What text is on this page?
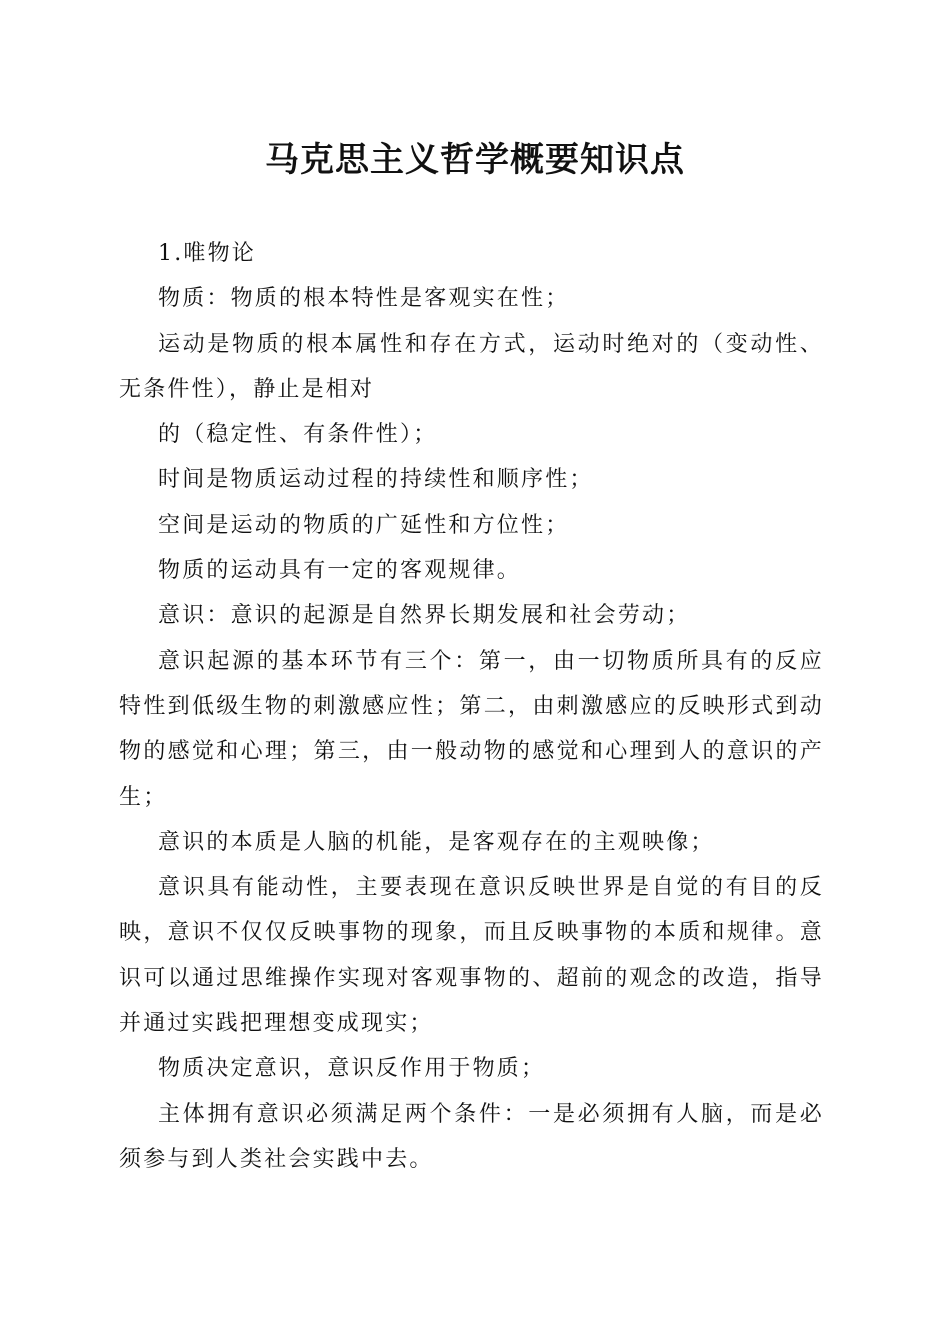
马克思主义哲学概要知识点

1.唯物论

物质：物质的根本特性是客观实在性；

运动是物质的根本属性和存在方式，运动时绝对的（变动性、无条件性），静止是相对

的（稳定性、有条件性）；

时间是物质运动过程的持续性和顺序性；

空间是运动的物质的广延性和方位性；

物质的运动具有一定的客观规律。

意识：意识的起源是自然界长期发展和社会劳动；

意识起源的基本环节有三个：第一，由一切物质所具有的反应特性到低级生物的刺激感应性；第二，由刺激感应的反映形式到动物的感觉和心理；第三，由一般动物的感觉和心理到人的意识的产生；

意识的本质是人脑的机能，是客观存在的主观映像；

意识具有能动性，主要表现在意识反映世界是自觉的有目的反映，意识不仅仅反映事物的现象，而且反映事物的本质和规律。意识可以通过思维操作实现对客观事物的、超前的观念的改造，指导并通过实践把理想变成现实；

物质决定意识，意识反作用于物质；

主体拥有意识必须满足两个条件：一是必须拥有人脑，而是必须参与到人类社会实践中去。
